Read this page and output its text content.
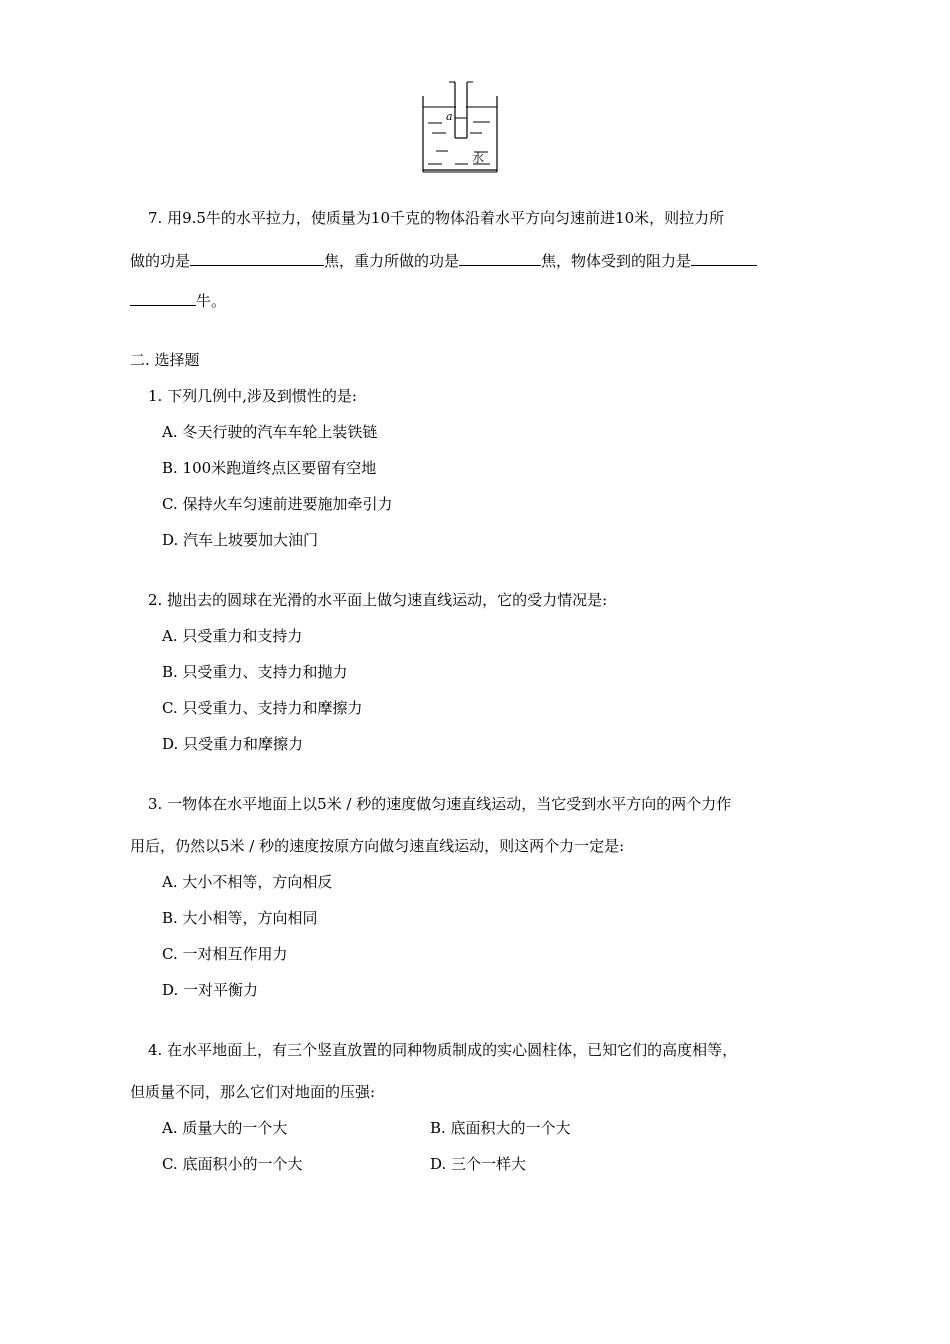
a
水
7. 用9.5牛的水平拉力，使质量为10千克的物体沿着水平方向匀速前进10米，则拉力所
做的功是	焦，重力所做的功是	焦，物体受到的阻力是
牛。
二. 选择题
1. 下列几例中,涉及到惯性的是:
A. 冬天行驶的汽车车轮上装铁链
B. 100米跑道终点区要留有空地
C. 保持火车匀速前进要施加牵引力
D. 汽车上坡要加大油门
2. 抛出去的圆球在光滑的水平面上做匀速直线运动，它的受力情况是:
A. 只受重力和支持力
B. 只受重力、支持力和抛力
C. 只受重力、支持力和摩擦力
D. 只受重力和摩擦力
3. 一物体在水平地面上以5米 / 秒的速度做匀速直线运动，当它受到水平方向的两个力作
用后，仍然以5米 / 秒的速度按原方向做匀速直线运动，则这两个力一定是:
A. 大小不相等，方向相反
B. 大小相等，方向相同
C. 一对相互作用力
D. 一对平衡力
4. 在水平地面上，有三个竖直放置的同种物质制成的实心圆柱体，已知它们的高度相等，
但质量不同，那么它们对地面的压强:
A. 质量大的一个大	B. 底面积大的一个大
C. 底面积小的一个大	D. 三个一样大
